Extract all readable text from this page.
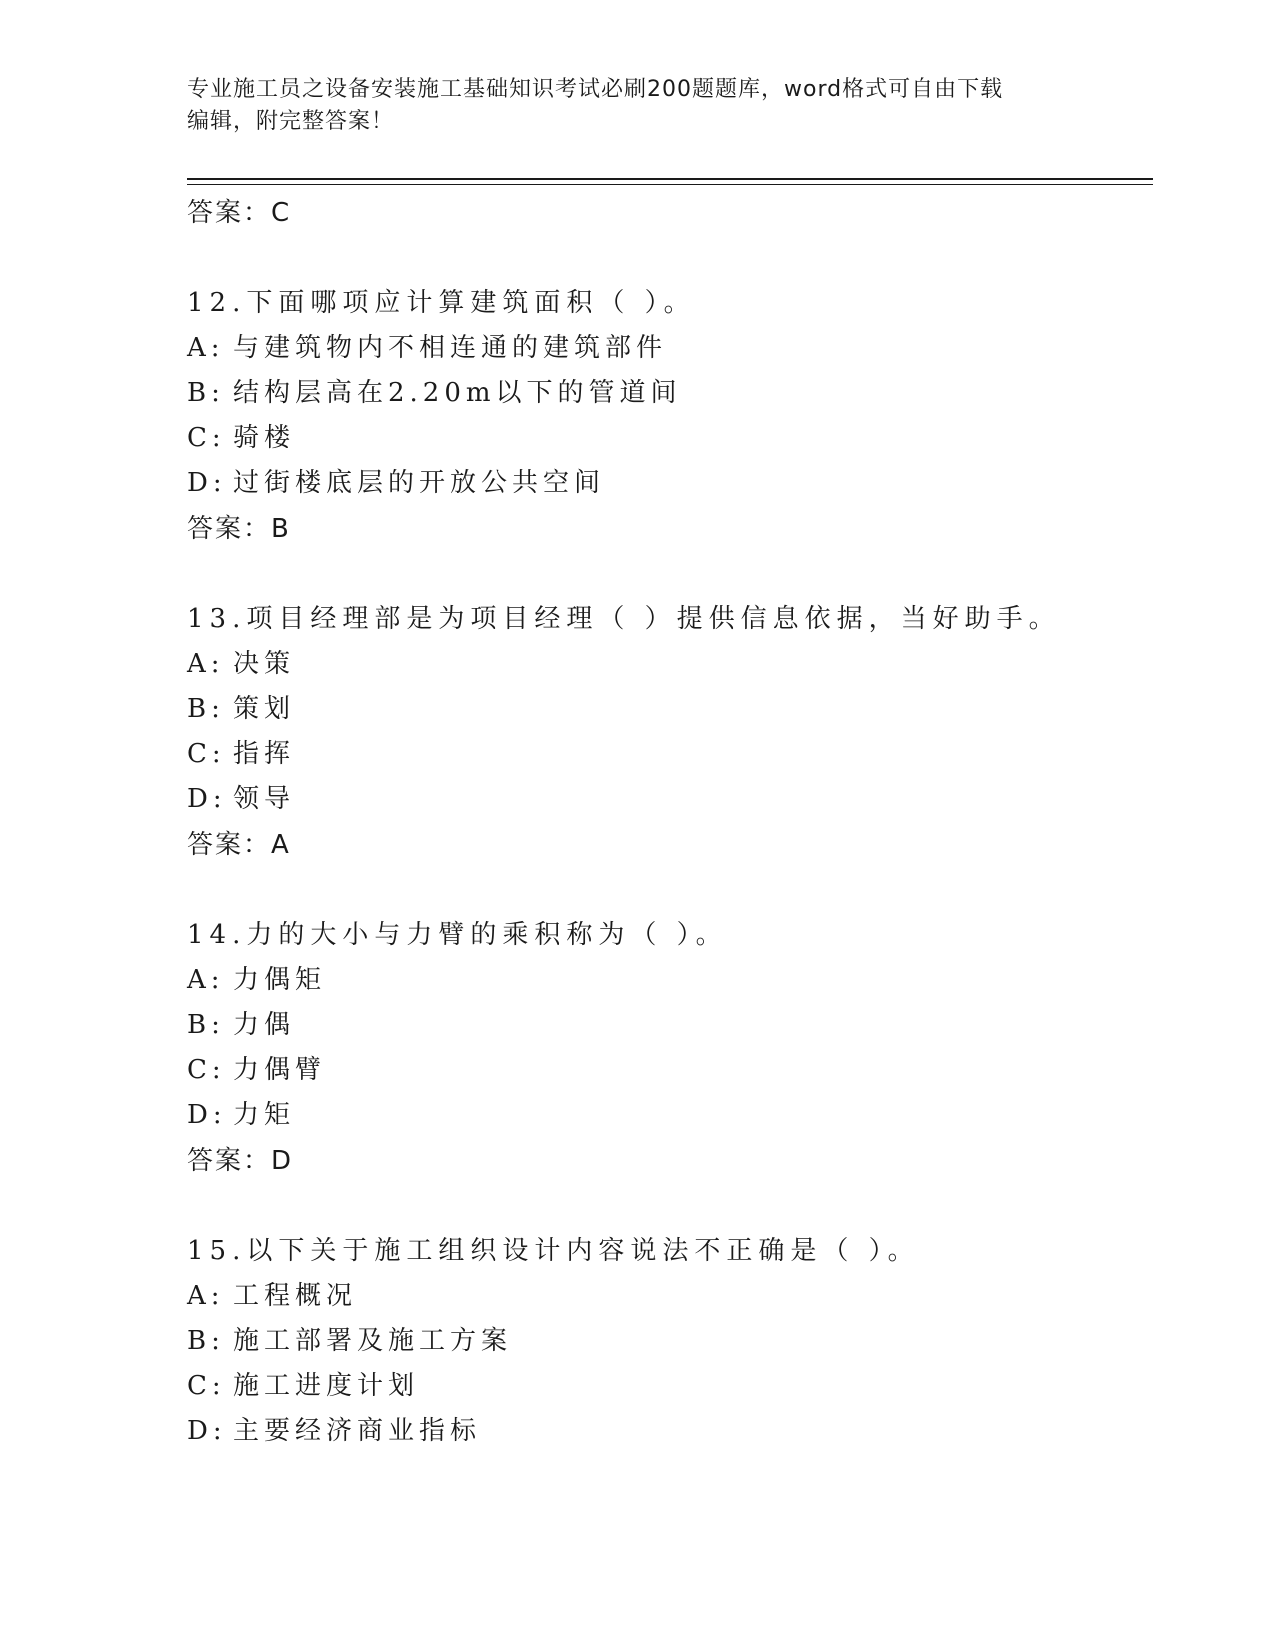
专业施工员之设备安装施工基础知识考试必刷200题题库，word格式可自由下载
编辑，附完整答案！
答案：C
12.下面哪项应计算建筑面积（ ）。
A: 与建筑物内不相连通的建筑部件
B: 结构层高在2.20m以下的管道间
C: 骑楼
D: 过街楼底层的开放公共空间
答案：B
13.项目经理部是为项目经理（ ）提供信息依据，当好助手。
A: 决策
B: 策划
C: 指挥
D: 领导
答案：A
14.力的大小与力臂的乘积称为（ ）。
A: 力偶矩
B: 力偶
C: 力偶臂
D: 力矩
答案：D
15.以下关于施工组织设计内容说法不正确是（ ）。
A: 工程概况
B: 施工部署及施工方案
C: 施工进度计划
D: 主要经济商业指标
